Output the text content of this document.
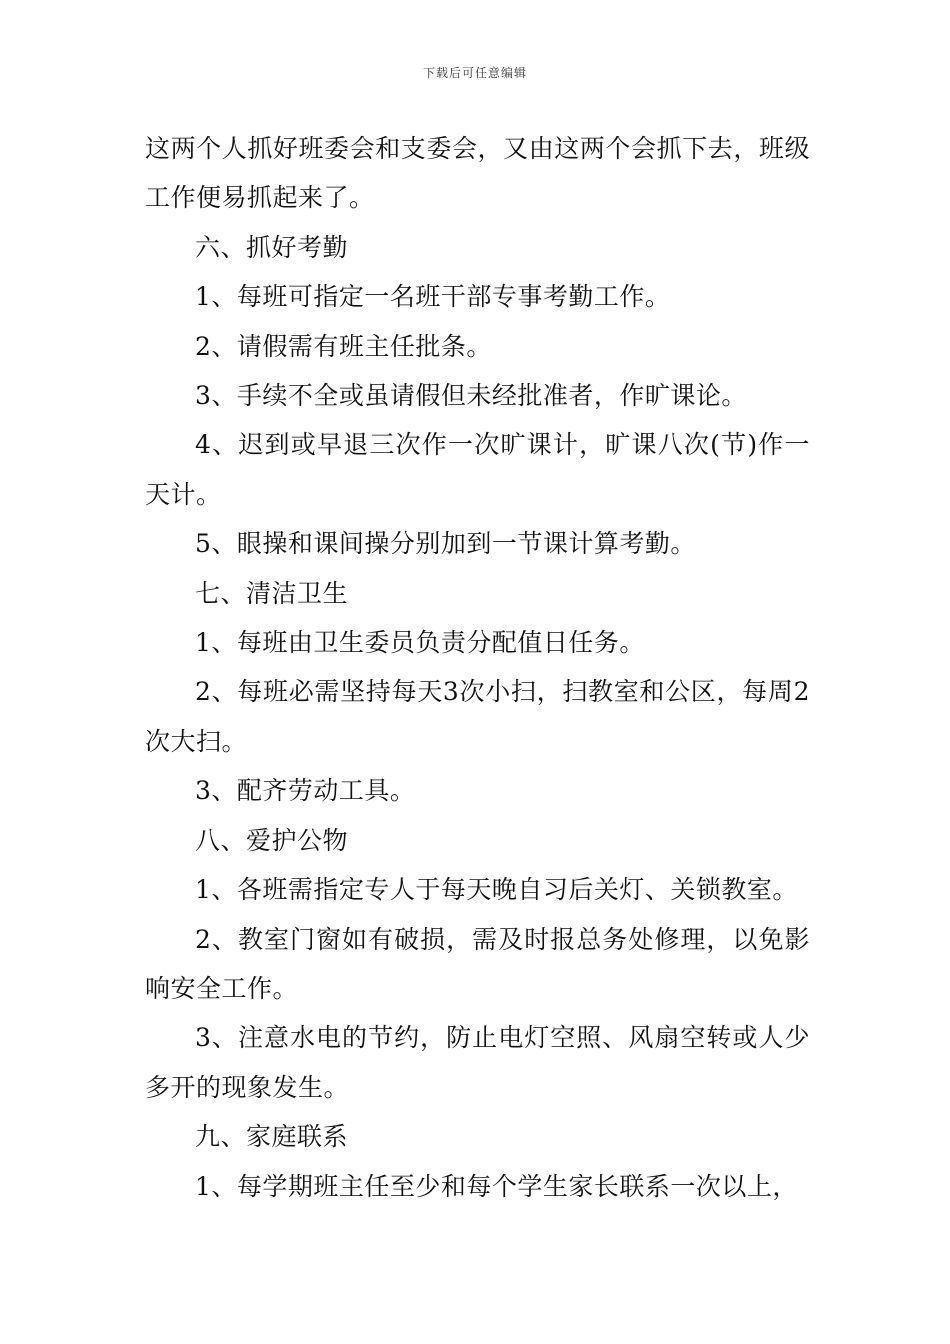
下载后可任意编辑

这两个人抓好班委会和支委会，又由这两个会抓下去，班级工作便易抓起来了。

六、抓好考勤

1、每班可指定一名班干部专事考勤工作。

2、请假需有班主任批条。

3、手续不全或虽请假但未经批准者，作旷课论。

4、迟到或早退三次作一次旷课计，旷课八次(节)作一天计。

5、眼操和课间操分别加到一节课计算考勤。

七、清洁卫生

1、每班由卫生委员负责分配值日任务。

2、每班必需坚持每天3次小扫，扫教室和公区，每周2次大扫。

3、配齐劳动工具。

八、爱护公物

1、各班需指定专人于每天晚自习后关灯、关锁教室。

2、教室门窗如有破损，需及时报总务处修理，以免影响安全工作。

3、注意水电的节约，防止电灯空照、风扇空转或人少多开的现象发生。

九、家庭联系

1、每学期班主任至少和每个学生家长联系一次以上，
